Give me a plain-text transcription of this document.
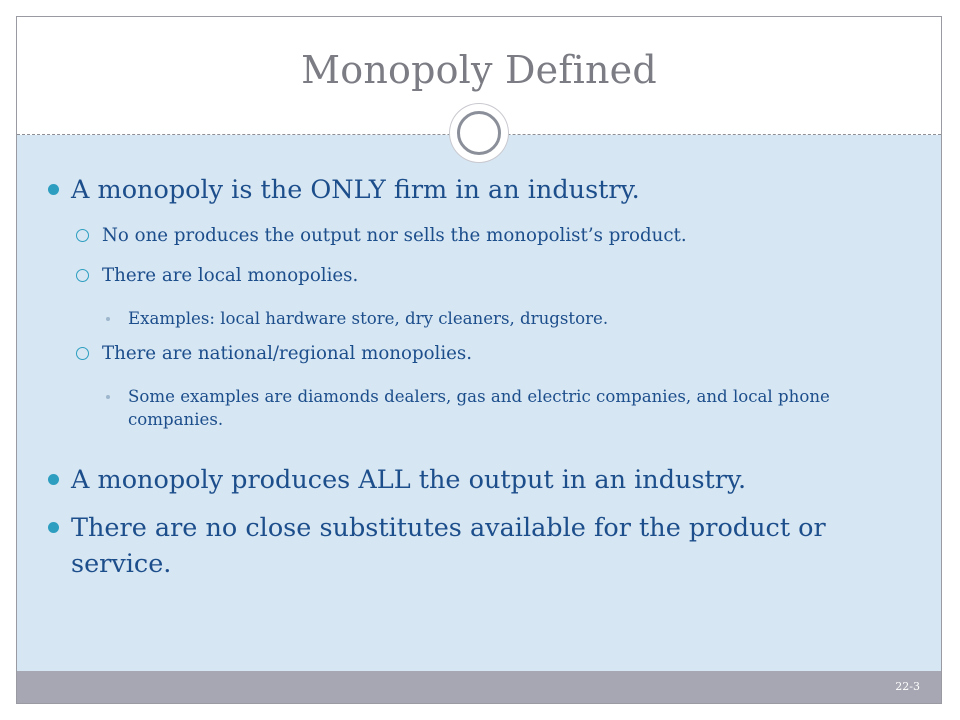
Monopoly Defined
A monopoly is the ONLY firm in an industry.
No one produces the output nor sells the monopolist’s product.
There are local monopolies.
Examples: local hardware store, dry cleaners, drugstore.
There are national/regional monopolies.
Some examples are diamonds dealers, gas and electric companies, and local phone companies.
A monopoly produces ALL the output in an industry.
There are no close substitutes available for the product or service.
22-3
